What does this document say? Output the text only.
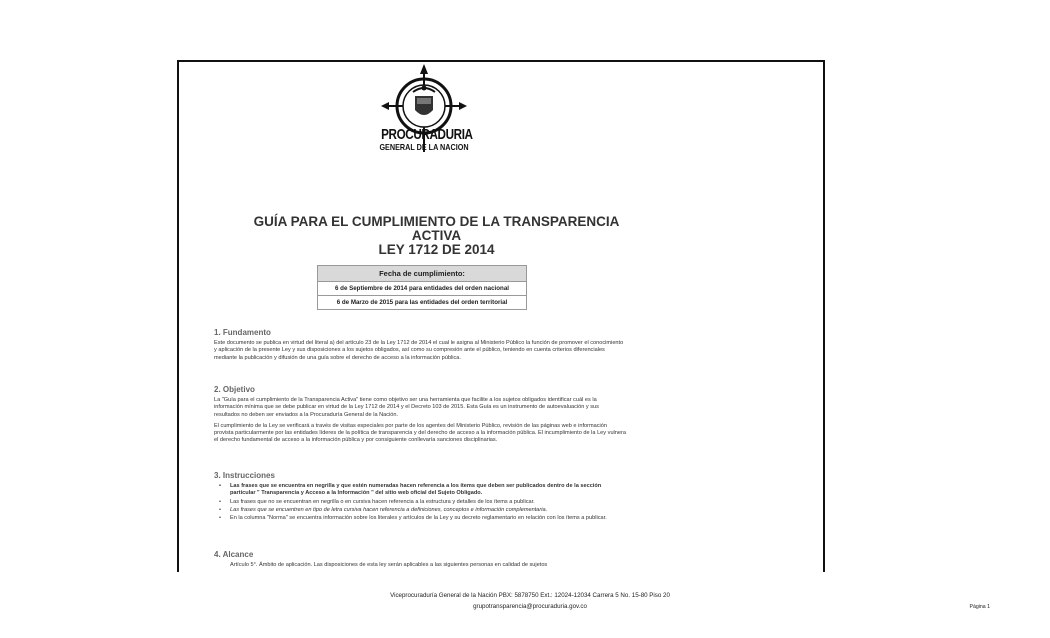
PROCURADURIA
GENERAL DE LA NACION
GUÍA PARA EL CUMPLIMIENTO DE LA TRANSPARENCIA
ACTIVA
LEY 1712 DE 2014
Fecha de cumplimiento:
6 de Septiembre de 2014 para entidades del orden nacional
6 de Marzo de 2015 para las entidades del orden territorial
1. Fundamento

Este documento se publica en virtud del literal a) del artículo 23 de la Ley 1712 de 2014 el cual le asigna al Ministerio Público la función de promover el conocimiento y aplicación de la presente Ley y sus disposiciones a los sujetos obligados, así como su compresión ante el público, teniendo en cuenta criterios diferenciales mediante la publicación y difusión de una guía sobre el derecho de acceso a la información pública.

2. Objetivo

La "Guía para el cumplimiento de la Transparencia Activa" tiene como objetivo ser una herramienta que facilite a los sujetos obligados identificar cuál es la información mínima que se debe publicar en virtud de la Ley 1712 de 2014 y el Decreto 103 de 2015. Esta Guía es un instrumento de autoevaluación y sus resultados no deben ser enviados a la Procuraduría General de la Nación.

El cumplimiento de la Ley se verificará a través de visitas especiales por parte de los agentes del Ministerio Público, revisión de las páginas web e información provista particularmente por las entidades líderes de la política de transparencia y del derecho de acceso a la información pública. El incumplimiento de la Ley vulnera el derecho fundamental de acceso a la información pública y por consiguiente conllevaría sanciones disciplinarias.

3. Instrucciones
• Las frases que se encuentra en negrilla y que estén numeradas hacen referencia a los ítems que deben ser publicados dentro de la sección particular " Transparencia y Acceso a la Información " del sitio web oficial del Sujeto Obligado.
• Las frases que no se encuentran en negrilla o en cursiva hacen referencia a la estructura y detalles de los ítems a publicar.
• Las frases que se encuentren en tipo de letra cursiva hacen referencia a definiciones, conceptos e información complementaria.
• En la columna "Norma" se encuentra información sobre los literales y artículos de la Ley y su decreto reglamentario en relación con los ítems a publicar.
4. Alcance

Artículo 5°. Ámbito de aplicación. Las disposiciones de esta ley serán aplicables a las siguientes personas en calidad de sujetos

Viceprocuraduría General de la Nación PBX: 5878750 Ext.: 12024-12034 Carrera 5 No. 15-80 Piso 20
grupotransparencia@procuraduria.gov.co	Página 1
